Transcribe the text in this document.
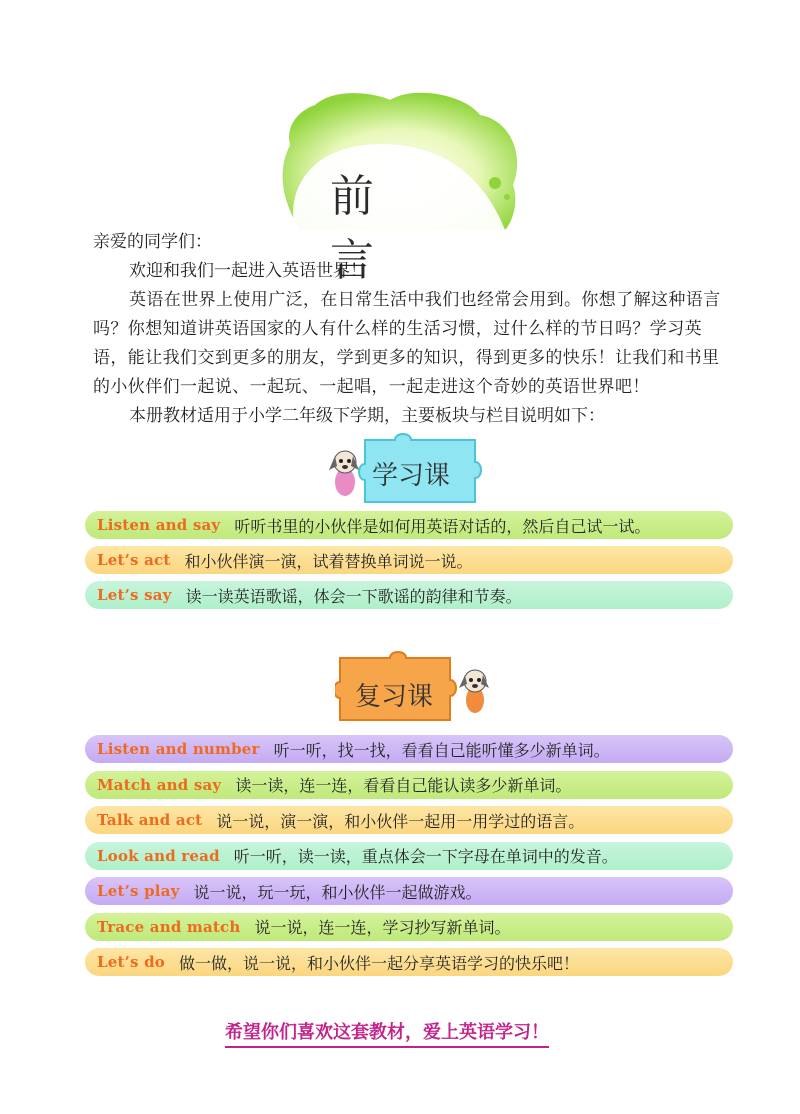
前 言
亲爱的同学们：
欢迎和我们一起进入英语世界！
英语在世界上使用广泛，在日常生活中我们也经常会用到。你想了解这种语言吗？你想知道讲英语国家的人有什么样的生活习惯，过什么样的节日吗？学习英语，能让我们交到更多的朋友，学到更多的知识，得到更多的快乐！让我们和书里的小伙伴们一起说、一起玩、一起唱，一起走进这个奇妙的英语世界吧！
本册教材适用于小学二年级下学期，主要板块与栏目说明如下：
学习课
Listen and say 听听书里的小伙伴是如何用英语对话的，然后自己试一试。
Let’s act 和小伙伴演一演，试着替换单词说一说。
Let’s say 读一读英语歌谣，体会一下歌谣的韵律和节奏。
复习课
Listen and number 听一听，找一找，看看自己能听懂多少新单词。
Match and say 读一读，连一连，看看自己能认读多少新单词。
Talk and act 说一说，演一演，和小伙伴一起用一用学过的语言。
Look and read 听一听，读一读，重点体会一下字母在单词中的发音。
Let’s play 说一说，玩一玩，和小伙伴一起做游戏。
Trace and match 说一说，连一连，学习抄写新单词。
Let’s do 做一做，说一说，和小伙伴一起分享英语学习的快乐吧！
希望你们喜欢这套教材，爱上英语学习！
